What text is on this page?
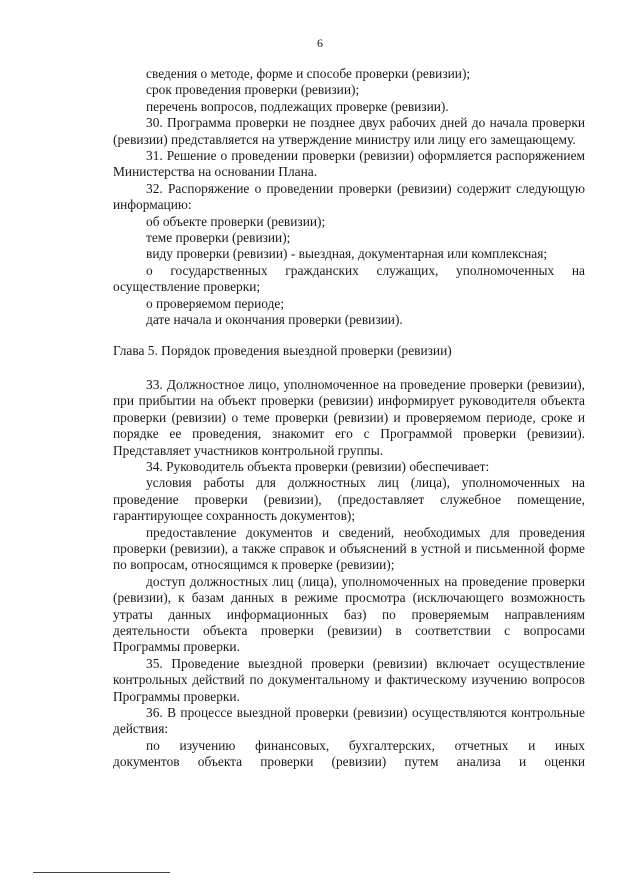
6

сведения о методе, форме и способе проверки (ревизии);

срок проведения проверки (ревизии);

перечень вопросов, подлежащих проверке (ревизии).

30. Программа проверки не позднее двух рабочих дней до начала проверки (ревизии) представляется на утверждение министру или лицу его замещающему.

31. Решение о проведении проверки (ревизии) оформляется распоряжением Министерства на основании Плана.

32. Распоряжение о проведении проверки (ревизии) содержит следующую информацию:

об объекте проверки (ревизии);

теме проверки (ревизии);

виду проверки (ревизии) - выездная, документарная или комплексная;

о государственных гражданских служащих, уполномоченных на осуществление проверки;

о проверяемом периоде;

дате начала и окончания проверки (ревизии).

Глава 5. Порядок проведения выездной проверки (ревизии)

33. Должностное лицо, уполномоченное на проведение проверки (ревизии), при прибытии на объект проверки (ревизии) информирует руководителя объекта проверки (ревизии) о теме проверки (ревизии) и проверяемом периоде, сроке и порядке ее проведения, знакомит его с Программой проверки (ревизии). Представляет участников контрольной группы.

34. Руководитель объекта проверки (ревизии) обеспечивает:

условия работы для должностных лиц (лица), уполномоченных на проведение проверки (ревизии), (предоставляет служебное помещение, гарантирующее сохранность документов);

предоставление документов и сведений, необходимых для проведения проверки (ревизии), а также справок и объяснений в устной и письменной форме по вопросам, относящимся к проверке (ревизии);

доступ должностных лиц (лица), уполномоченных на проведение проверки (ревизии), к базам данных в режиме просмотра (исключающего возможность утраты данных информационных баз) по проверяемым направлениям деятельности объекта проверки (ревизии) в соответствии с вопросами Программы проверки.

35. Проведение выездной проверки (ревизии) включает осуществление контрольных действий по документальному и фактическому изучению вопросов Программы проверки.

36. В процессе выездной проверки (ревизии) осуществляются контрольные действия:

по изучению финансовых, бухгалтерских, отчетных и иных

документов объекта проверки (ревизии) путем анализа и оценки
